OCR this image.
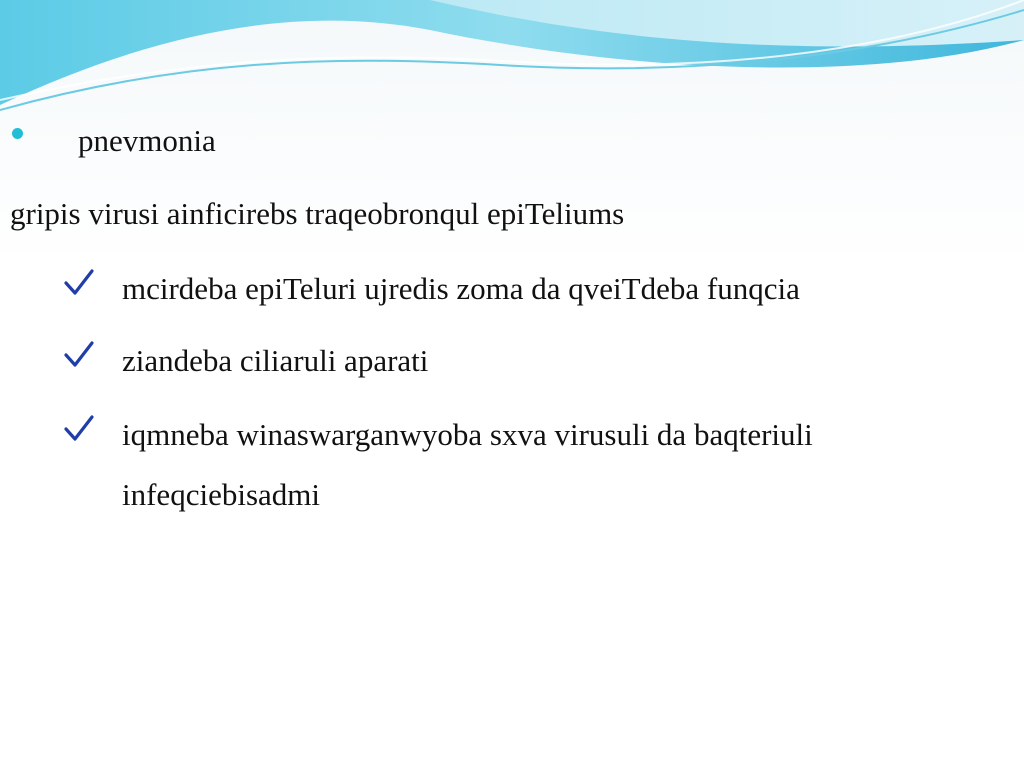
pnevmonia
gripis virusi ainficirebs traqeobronqul epiTeliums
mcirdeba epiTeluri ujredis zoma da qveiTdeba funqcia
ziandeba ciliaruli aparati
iqmneba winaswarganwyoba sxva virusuli da baqteriuli
infeqciebisadmi
